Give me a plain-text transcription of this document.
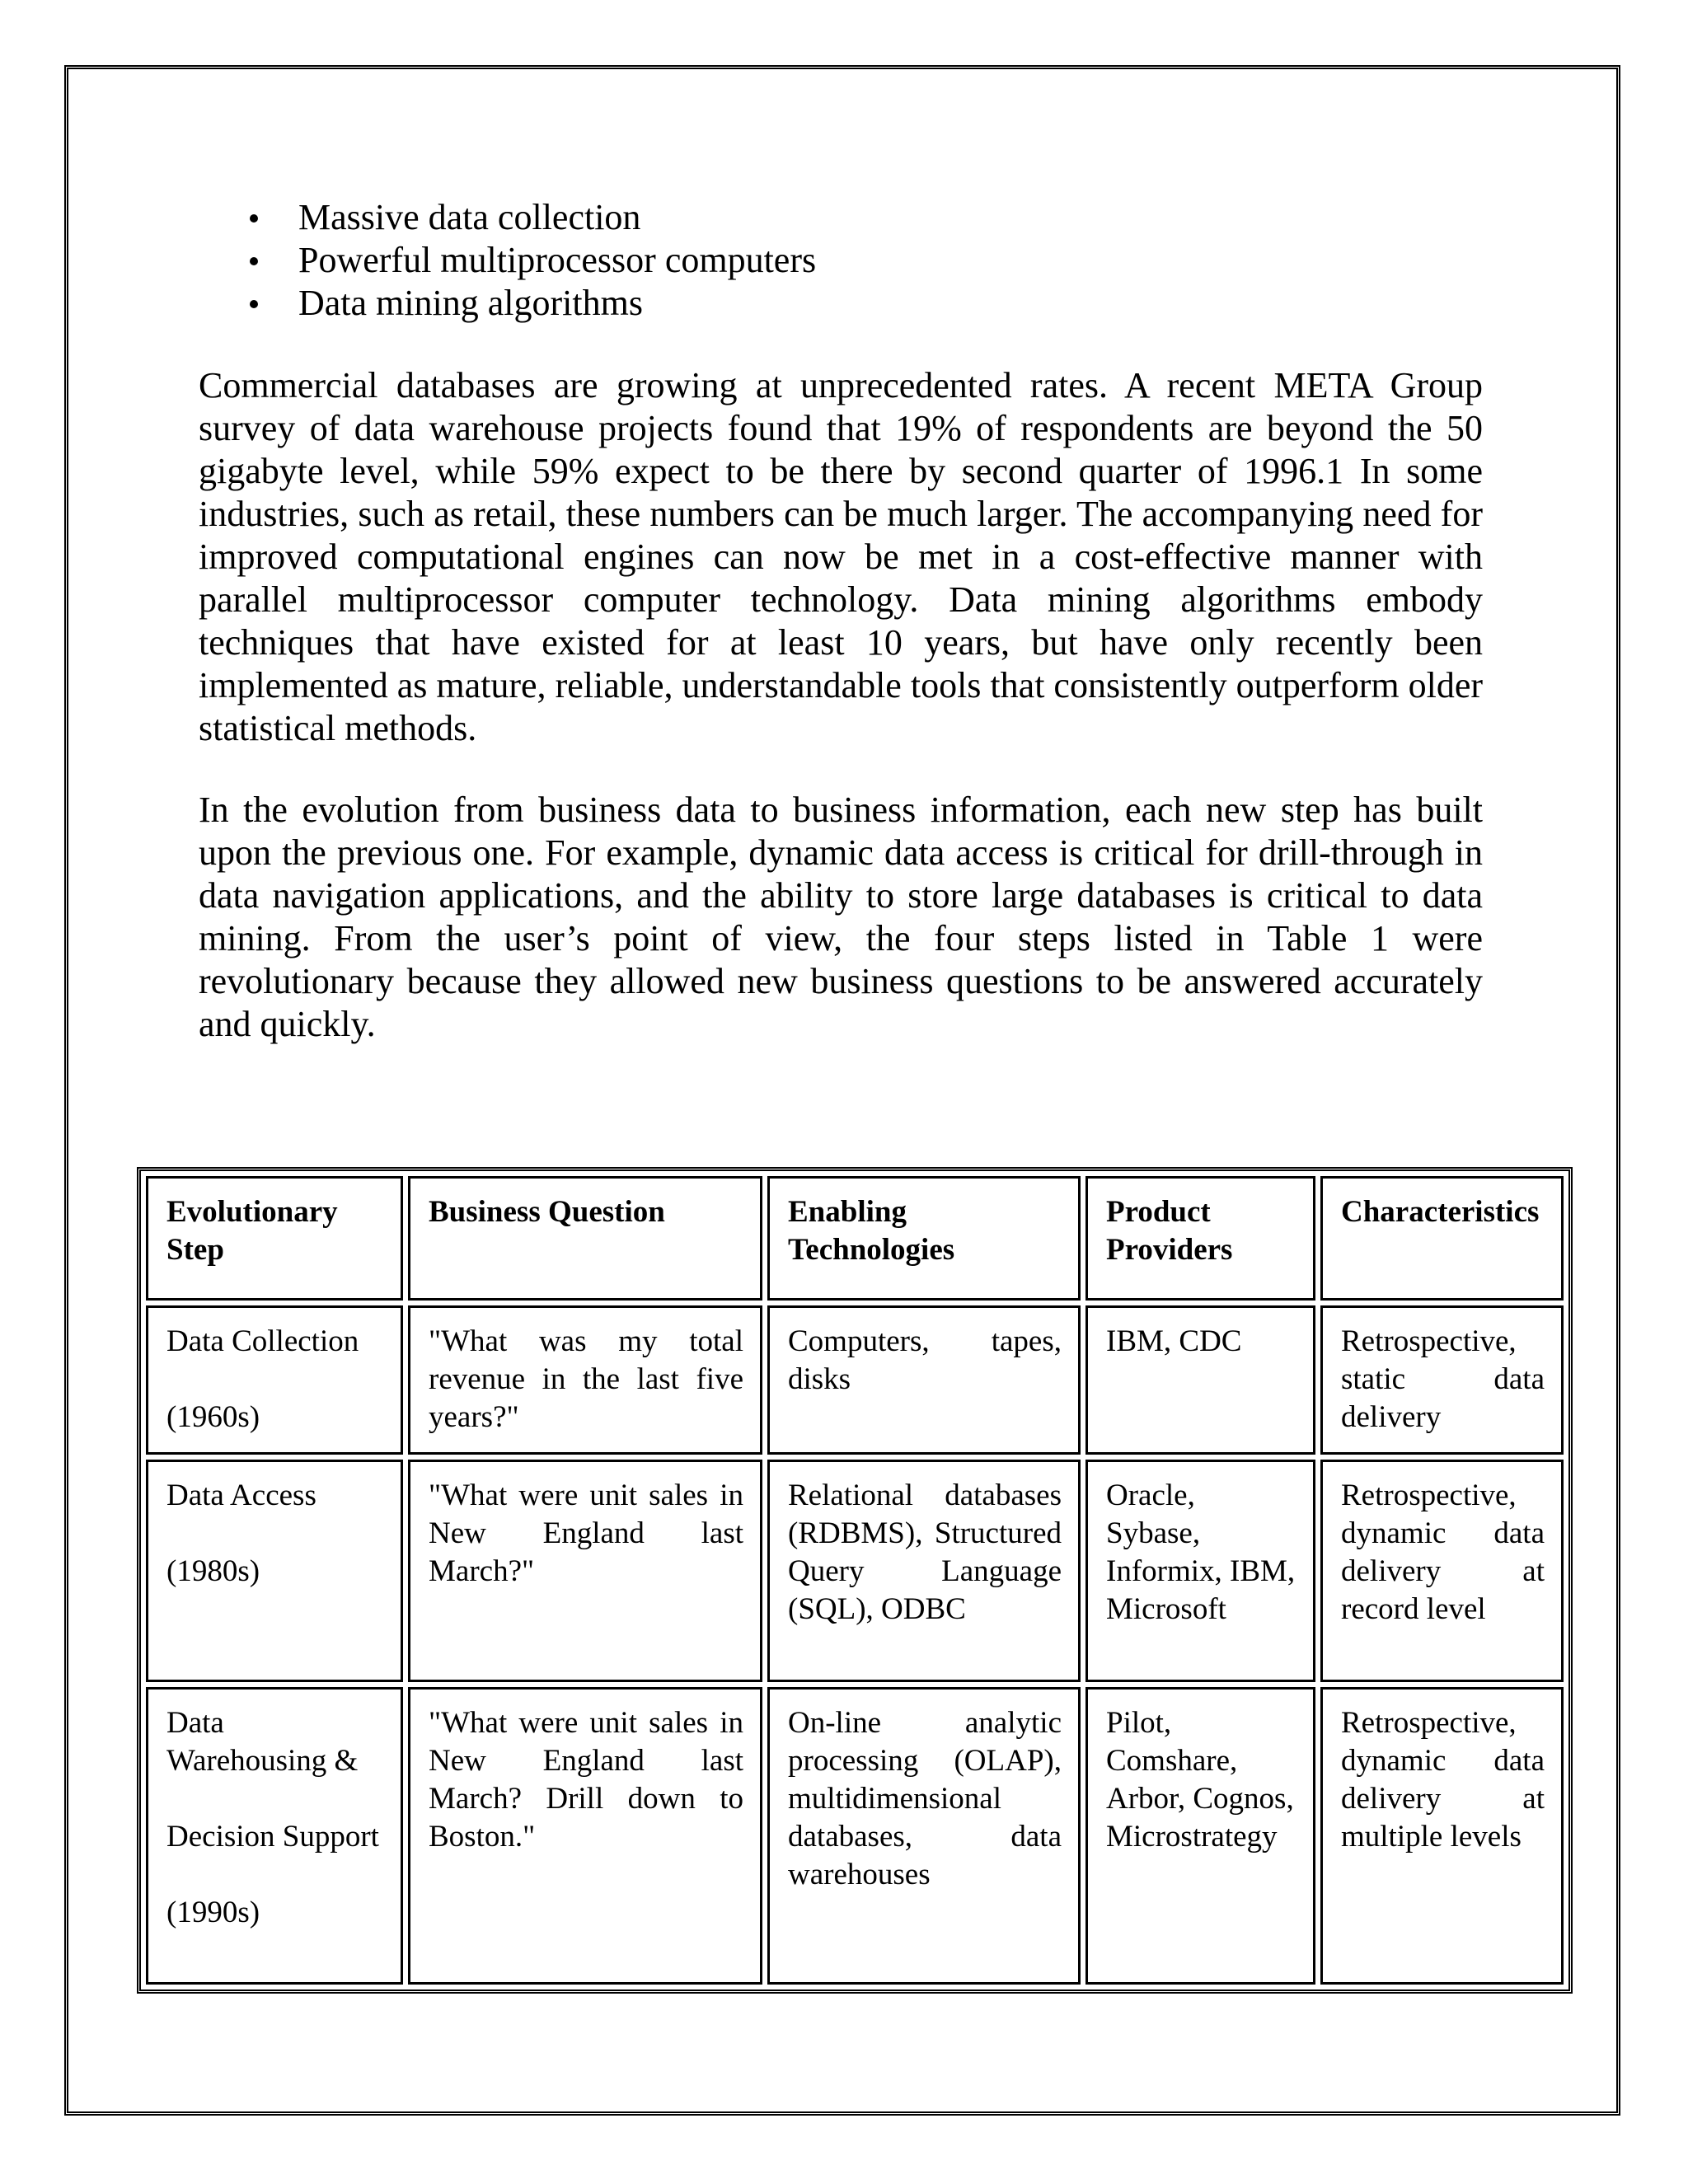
Massive data collection
Powerful multiprocessor computers
Data mining algorithms

Commercial databases are growing at unprecedented rates. A recent META Group survey of data warehouse projects found that 19% of respondents are beyond the 50 gigabyte level, while 59% expect to be there by second quarter of 1996.1 In some industries, such as retail, these numbers can be much larger. The accompanying need for improved computational engines can now be met in a cost-effective manner with parallel multiprocessor computer technology. Data mining algorithms embody techniques that have existed for at least 10 years, but have only recently been implemented as mature, reliable, understandable tools that consistently outperform older statistical methods.

In the evolution from business data to business information, each new step has built upon the previous one. For example, dynamic data access is critical for drill-through in data navigation applications, and the ability to store large databases is critical to data mining. From the user’s point of view, the four steps listed in Table 1 were revolutionary because they allowed new business questions to be answered accurately and quickly.

Evolutionary Step	Business Question	Enabling Technologies	Product Providers	Characteristics

Data Collection
(1960s)	"What was my total revenue in the last five years?"	Computers, tapes, disks	IBM, CDC	Retrospective, static data delivery

Data Access
(1980s)	"What were unit sales in New England last March?"	Relational databases (RDBMS), Structured Query Language (SQL), ODBC	Oracle, Sybase, Informix, IBM, Microsoft	Retrospective, dynamic data delivery at record level

Data Warehousing &
Decision Support
(1990s)	"What were unit sales in New England last March? Drill down to Boston."	On-line analytic processing (OLAP), multidimensional databases, data warehouses	Pilot, Comshare, Arbor, Cognos, Microstrategy	Retrospective, dynamic data delivery at multiple levels
